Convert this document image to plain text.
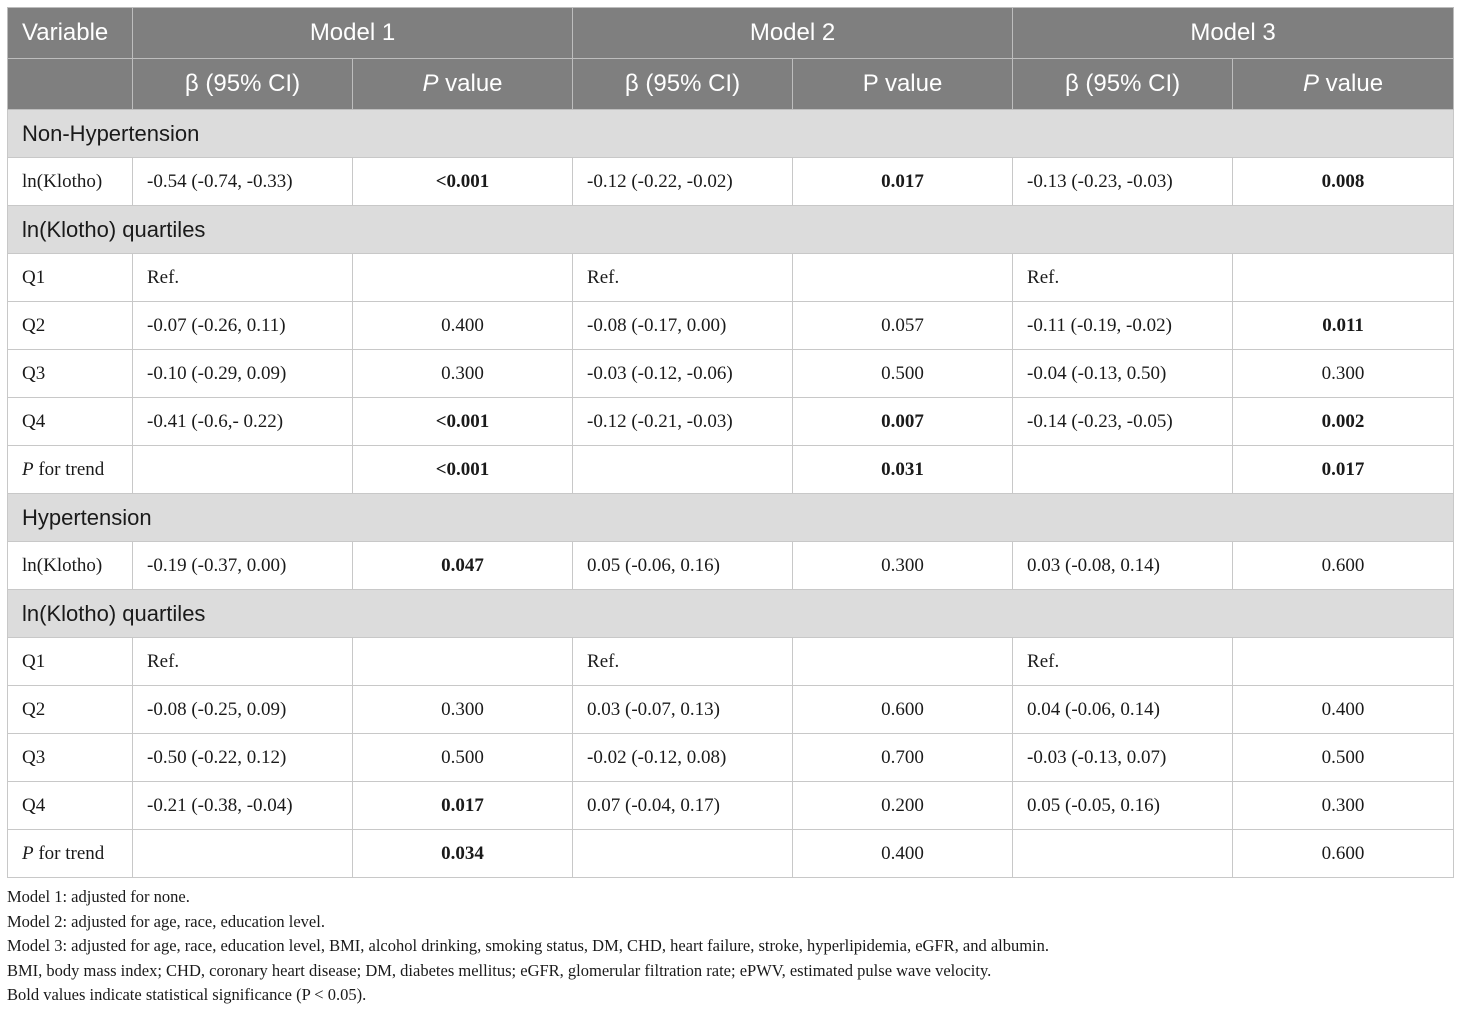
Variable	Model 1		Model 2		Model 3	
	β (95% CI)	P value	β (95% CI)	P value	β (95% CI)	P value
Non-Hypertension						
ln(Klotho)	-0.54 (-0.74, -0.33)	<0.001	-0.12 (-0.22, -0.02)	0.017	-0.13 (-0.23, -0.03)	0.008
ln(Klotho) quartiles						
Q1	Ref.		Ref.		Ref.	
Q2	-0.07 (-0.26, 0.11)	0.400	-0.08 (-0.17, 0.00)	0.057	-0.11 (-0.19, -0.02)	0.011
Q3	-0.10 (-0.29, 0.09)	0.300	-0.03 (-0.12, -0.06)	0.500	-0.04 (-0.13, 0.50)	0.300
Q4	-0.41 (-0.6,- 0.22)	<0.001	-0.12 (-0.21, -0.03)	0.007	-0.14 (-0.23, -0.05)	0.002
P for trend		<0.001		0.031		0.017
Hypertension						
ln(Klotho)	-0.19 (-0.37, 0.00)	0.047	0.05 (-0.06, 0.16)	0.300	0.03 (-0.08, 0.14)	0.600
ln(Klotho) quartiles						
Q1	Ref.		Ref.		Ref.	
Q2	-0.08 (-0.25, 0.09)	0.300	0.03 (-0.07, 0.13)	0.600	0.04 (-0.06, 0.14)	0.400
Q3	-0.50 (-0.22, 0.12)	0.500	-0.02 (-0.12, 0.08)	0.700	-0.03 (-0.13, 0.07)	0.500
Q4	-0.21 (-0.38, -0.04)	0.017	0.07 (-0.04, 0.17)	0.200	0.05 (-0.05, 0.16)	0.300
P for trend		0.034		0.400		0.600
Model 1: adjusted for none.
Model 2: adjusted for age, race, education level.
Model 3: adjusted for age, race, education level, BMI, alcohol drinking, smoking status, DM, CHD, heart failure, stroke, hyperlipidemia, eGFR, and albumin.
BMI, body mass index; CHD, coronary heart disease; DM, diabetes mellitus; eGFR, glomerular filtration rate; ePWV, estimated pulse wave velocity.
Bold values indicate statistical significance (P < 0.05).
